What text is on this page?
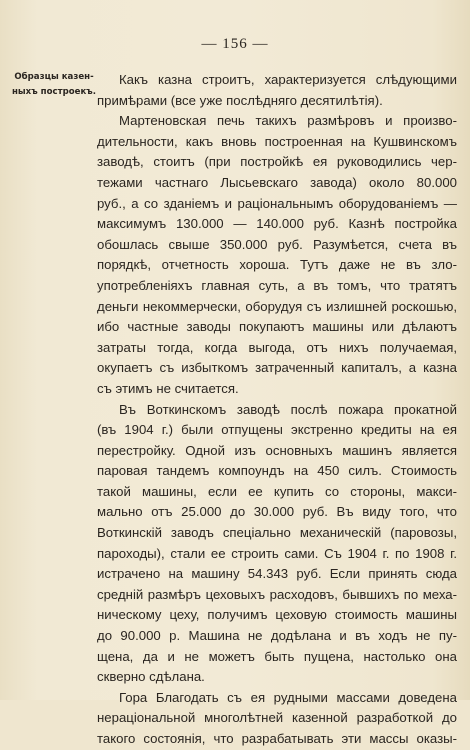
— 156 —
Образцы казен-
ныхъ построекъ.
Какъ казна строитъ, характеризуется слѣдующими
примѣрами (все уже послѣдняго десятилѣтія).
Мартеновская печь такихъ размѣровъ и произво-
дительности, какъ вновь построенная на Кушвинскомъ
заводѣ, стоитъ (при постройкѣ ея руководились чер-
тежами частнаго Лысьевскаго завода) около 80.000
руб., а со зданіемъ и раціональнымъ оборудованіемъ —
максимумъ 130.000 — 140.000 руб. Казнѣ постройка
обошлась свыше 350.000 руб. Разумѣется, счета въ
порядкѣ, отчетность хороша. Тутъ даже не въ зло-
употребленіяхъ главная суть, а въ томъ, что тратятъ
деньги некоммерчески, оборудуя съ излишней роскошью,
ибо частные заводы покупаютъ машины или дѣлаютъ
затраты тогда, когда выгода, отъ нихъ получаемая,
окупаетъ съ избыткомъ затраченный капиталъ, а казна
съ этимъ не считается.
Въ Воткинскомъ заводѣ послѣ пожара прокатной
(въ 1904 г.) были отпущены экстренно кредиты на ея
перестройку. Одной изъ основныхъ машинъ является
паровая тандемъ компоундъ на 450 силъ. Стоимость
такой машины, если ее купить со стороны, макси-
мально отъ 25.000 до 30.000 руб. Въ виду того, что
Воткинскій заводъ спеціально механическій (паровозы,
пароходы), стали ее строить сами. Съ 1904 г. по 1908 г.
истрачено на машину 54.343 руб. Если принять сюда
средній размѣръ цеховыхъ расходовъ, бывшихъ по меха-
ническому цеху, получимъ цеховую стоимость машины
до 90.000 р. Машина не додѣлана и въ ходъ не пу-
щена, да и не можетъ быть пущена, настолько она
скверно сдѣлана.
Гора Благодать съ ея рудными массами доведена
нераціональной многолѣтней казенной разработкой до
такого состоянія, что разрабатывать эти массы оказы-
